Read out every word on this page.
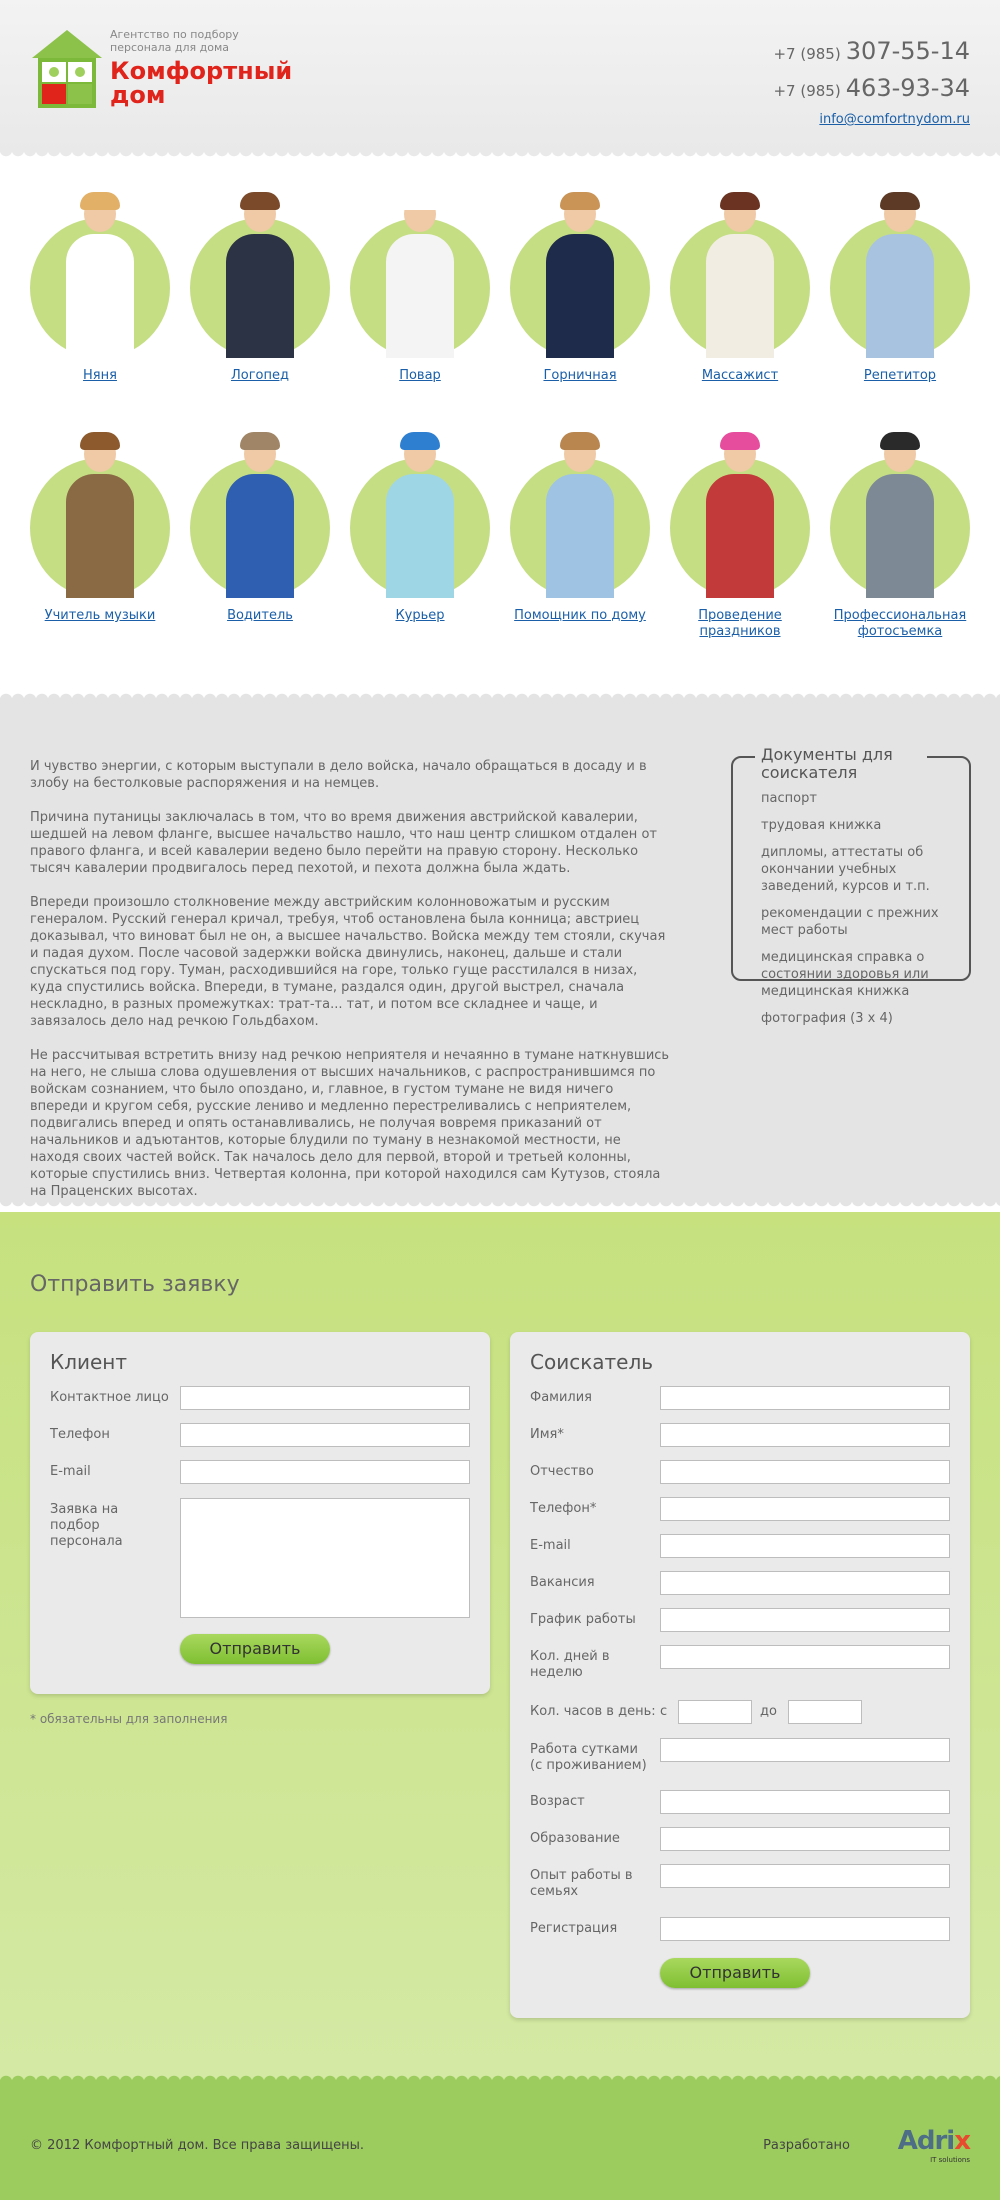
Агентство по подбору персонала для дома
Комфортный
дом
+7 (985) 307-55-14
+7 (985) 463-93-34
info@comfortnydom.ru
Няня	Логопед	Повар	Горничная	Массажист	Репетитор
Учитель музыки	Водитель	Курьер	Помощник по дому	Проведение праздников
Профессиональная фотосъемка

И чувство энергии, с которым выступали в дело войска, начало обращаться в досаду и в злобу на бестолковые распоряжения и на немцев.

Причина путаницы заключалась в том, что во время движения австрийской кавалерии, шедшей на левом фланге, высшее начальство нашло, что наш центр слишком отдален от правого фланга, и всей кавалерии ведено было перейти на правую сторону. Несколько тысяч кавалерии продвигалось перед пехотой, и пехота должна была ждать.

Впереди произошло столкновение между австрийским колонновожатым и русским генералом. Русский генерал кричал, требуя, чтоб остановлена была конница; австриец доказывал, что виноват был не он, а высшее начальство. Войска между тем стояли, скучая и падая духом. После часовой задержки войска двинулись, наконец, дальше и стали спускаться под гору. Туман, расходившийся на горе, только гуще расстилался в низах, куда спустились войска. Впереди, в тумане, раздался один, другой выстрел, сначала нескладно, в разных промежутках: трат-та... тат, и потом все складнее и чаще, и завязалось дело над речкою Гольдбахом.

Не рассчитывая встретить внизу над речкою неприятеля и нечаянно в тумане наткнувшись на него, не слыша слова одушевления от высших начальников, с распространившимся по войскам сознанием, что было опоздано, и, главное, в густом тумане не видя ничего впереди и кругом себя, русские лениво и медленно перестреливались с неприятелем, подвигались вперед и опять останавливались, не получая вовремя приказаний от начальников и адъютантов, которые блудили по туману в незнакомой местности, не находя своих частей войск. Так началось дело для первой, второй и третьей колонны, которые спустились вниз. Четвертая колонна, при которой находился сам Кутузов, стояла на Праценских высотах.

Документы для соискателя
паспорт
трудовая книжка
дипломы, аттестаты об окончании учебных заведений, курсов и т.п.
рекомендации с прежних мест работы
медицинская справка о состоянии здоровья или медицинская книжка
фотография (3 x 4)
Отправить заявку
Клиент
Контактное лицо
Телефон
E-mail
Заявка на подбор персонала
Отправить
* обязательны для заполнения
Соискатель
Фамилия
Имя*
Отчество
Телефон*
E-mail
Вакансия
График работы
Кол. дней в неделю
Кол. часов в день: с	до
Работа сутками (с проживанием)
Возраст
Образование
Опыт работы в семьях
Регистрация
Отправить
© 2012 Комфортный дом. Все права защищены.	Разработано Adrix
IT solutions
